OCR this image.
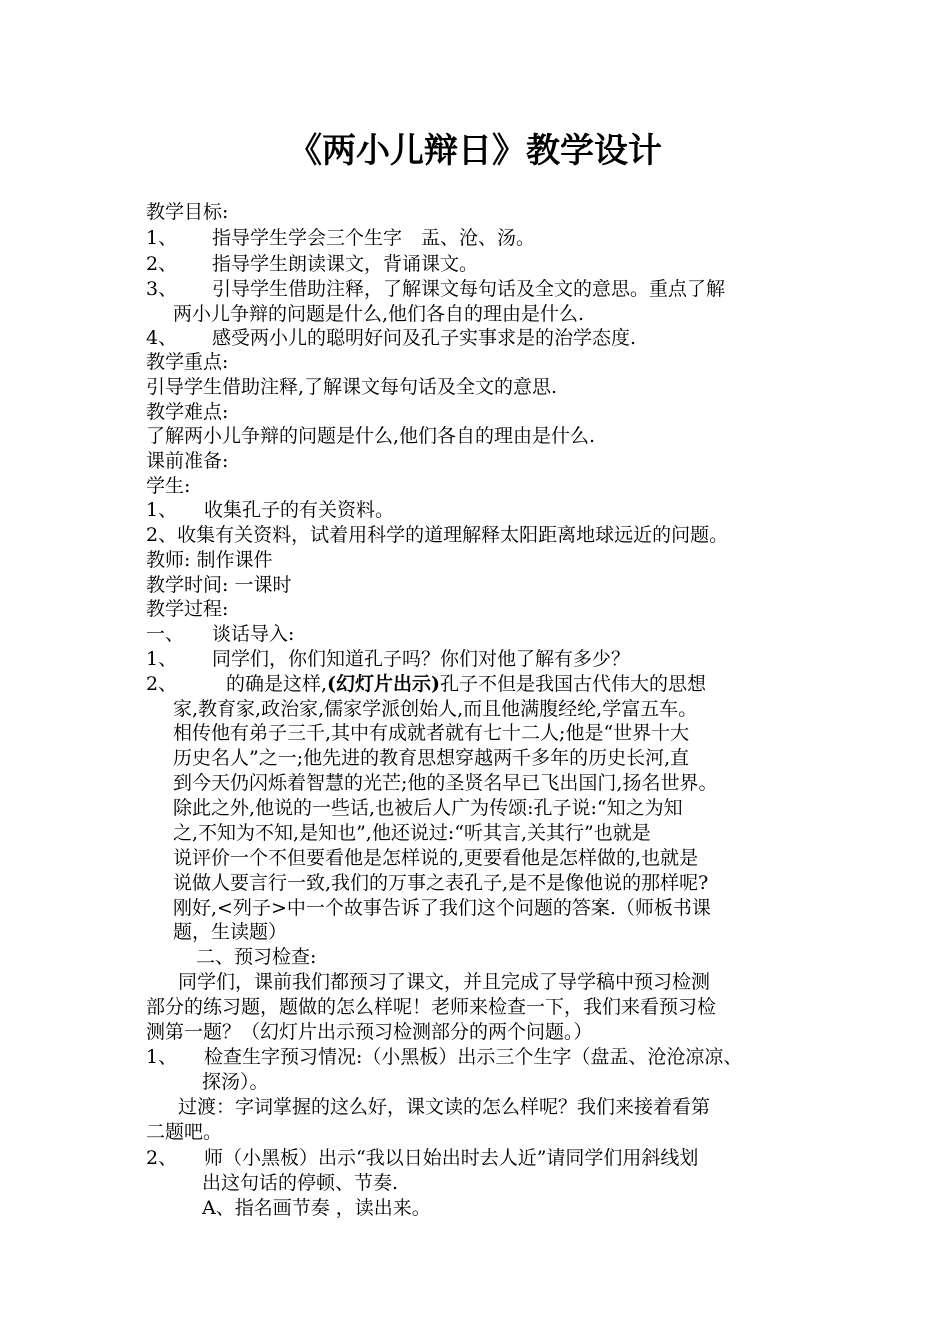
《两小儿辩日》教学设计
教学目标:
1、 指导学生学会三个生字　盂、沧、汤。
2、 指导学生朗读课文，背诵课文。
3、 引导学生借助注释，了解课文每句话及全文的意思。重点了解
两小儿争辩的问题是什么,他们各自的理由是什么.
4、 感受两小儿的聪明好问及孔子实事求是的治学态度.
教学重点:
引导学生借助注释,了解课文每句话及全文的意思.
教学难点:
了解两小儿争辩的问题是什么,他们各自的理由是什么.
课前准备:
学生:
1、 收集孔子的有关资料。
2、收集有关资料，试着用科学的道理解释太阳距离地球远近的问题。
教师: 制作课件
教学时间: 一课时
教学过程:
一、 谈话导入:
1、 同学们，你们知道孔子吗？你们对他了解有多少？
2、	的确是这样,(幻灯片出示)孔子不但是我国古代伟大的思想
家,教育家,政治家,儒家学派创始人,而且他满腹经纶,学富五车。
相传他有弟子三千,其中有成就者就有七十二人;他是“世界十大
历史名人”之一;他先进的教育思想穿越两千多年的历史长河,直
到今天仍闪烁着智慧的光芒;他的圣贤名早已飞出国门,扬名世界。
除此之外,他说的一些话,也被后人广为传颂:孔子说:“知之为知
之,不知为不知,是知也”,他还说过:“听其言,关其行”也就是
说评价一个不但要看他是怎样说的,更要看他是怎样做的,也就是
说做人要言行一致,我们的万事之表孔子,是不是像他说的那样呢?
刚好,<列子>中一个故事告诉了我们这个问题的答案.（师板书课
题，生读题）
二、预习检查:
同学们，课前我们都预习了课文，并且完成了导学稿中预习检测
部分的练习题，题做的怎么样呢！老师来检查一下，我们来看预习检
测第一题？（幻灯片出示预习检测部分的两个问题。）
1、 检查生字预习情况:（小黑板）出示三个生字（盘盂、沧沧凉凉、
探汤）。
过渡：字词掌握的这么好，课文读的怎么样呢？我们来接着看第
二题吧。
2、 师（小黑板）出示“我以日始出时去人近”请同学们用斜线划
出这句话的停顿、节奏.
A、指名画节奏 ，读出来。
